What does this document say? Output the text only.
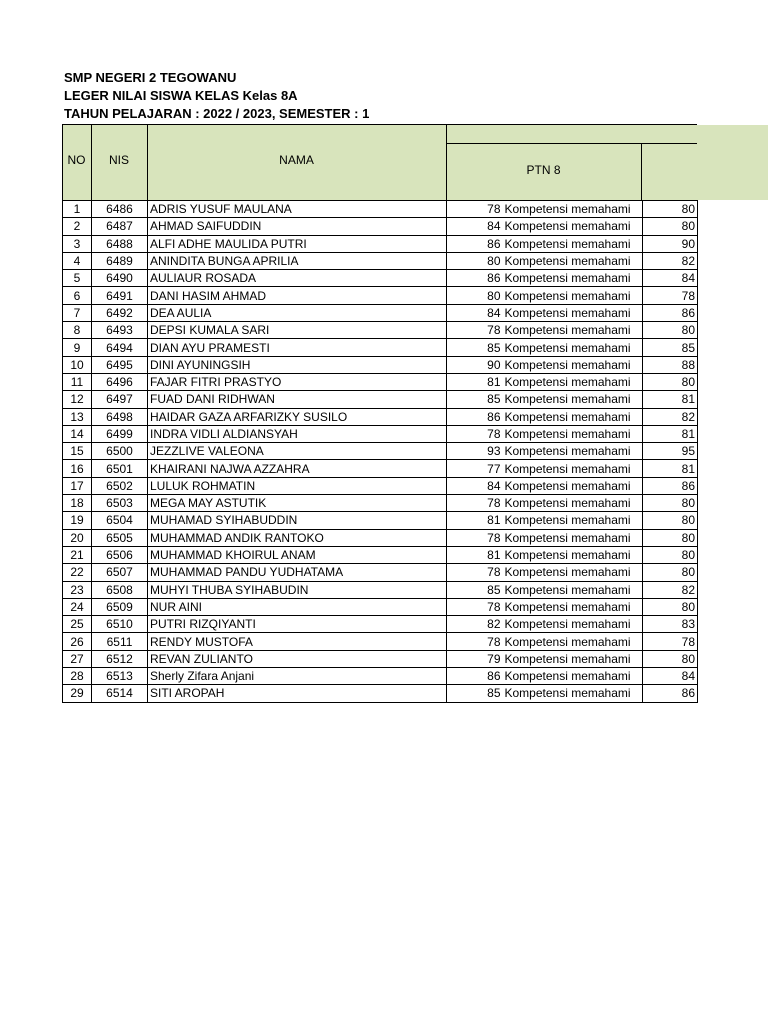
SMP NEGERI 2 TEGOWANU
LEGER NILAI SISWA KELAS Kelas 8A
TAHUN PELAJARAN : 2022 / 2023, SEMESTER : 1
NO	NIS	NAMA
PTN 8
1	6486	ADRIS YUSUF MAULANA	78	Kompetensi memahami	80
2	6487	AHMAD SAIFUDDIN	84	Kompetensi memahami	80
3	6488	ALFI ADHE MAULIDA PUTRI	86	Kompetensi memahami	90
4	6489	ANINDITA BUNGA APRILIA	80	Kompetensi memahami	82
5	6490	AULIAUR ROSADA	86	Kompetensi memahami	84
6	6491	DANI HASIM AHMAD	80	Kompetensi memahami	78
7	6492	DEA AULIA	84	Kompetensi memahami	86
8	6493	DEPSI KUMALA SARI	78	Kompetensi memahami	80
9	6494	DIAN AYU PRAMESTI	85	Kompetensi memahami	85
10	6495	DINI AYUNINGSIH	90	Kompetensi memahami	88
11	6496	FAJAR FITRI PRASTYO	81	Kompetensi memahami	80
12	6497	FUAD DANI RIDHWAN	85	Kompetensi memahami	81
13	6498	HAIDAR GAZA ARFARIZKY SUSILO	86	Kompetensi memahami	82
14	6499	INDRA VIDLI ALDIANSYAH	78	Kompetensi memahami	81
15	6500	JEZZLIVE VALEONA	93	Kompetensi memahami	95
16	6501	KHAIRANI NAJWA AZZAHRA	77	Kompetensi memahami	81
17	6502	LULUK ROHMATIN	84	Kompetensi memahami	86
18	6503	MEGA MAY ASTUTIK	78	Kompetensi memahami	80
19	6504	MUHAMAD SYIHABUDDIN	81	Kompetensi memahami	80
20	6505	MUHAMMAD ANDIK RANTOKO	78	Kompetensi memahami	80
21	6506	MUHAMMAD KHOIRUL ANAM	81	Kompetensi memahami	80
22	6507	MUHAMMAD PANDU YUDHATAMA	78	Kompetensi memahami	80
23	6508	MUHYI THUBA SYIHABUDIN	85	Kompetensi memahami	82
24	6509	NUR AINI	78	Kompetensi memahami	80
25	6510	PUTRI RIZQIYANTI	82	Kompetensi memahami	83
26	6511	RENDY MUSTOFA	78	Kompetensi memahami	78
27	6512	REVAN ZULIANTO	79	Kompetensi memahami	80
28	6513	Sherly Zifara Anjani	86	Kompetensi memahami	84
29	6514	SITI AROPAH	85	Kompetensi memahami	86
